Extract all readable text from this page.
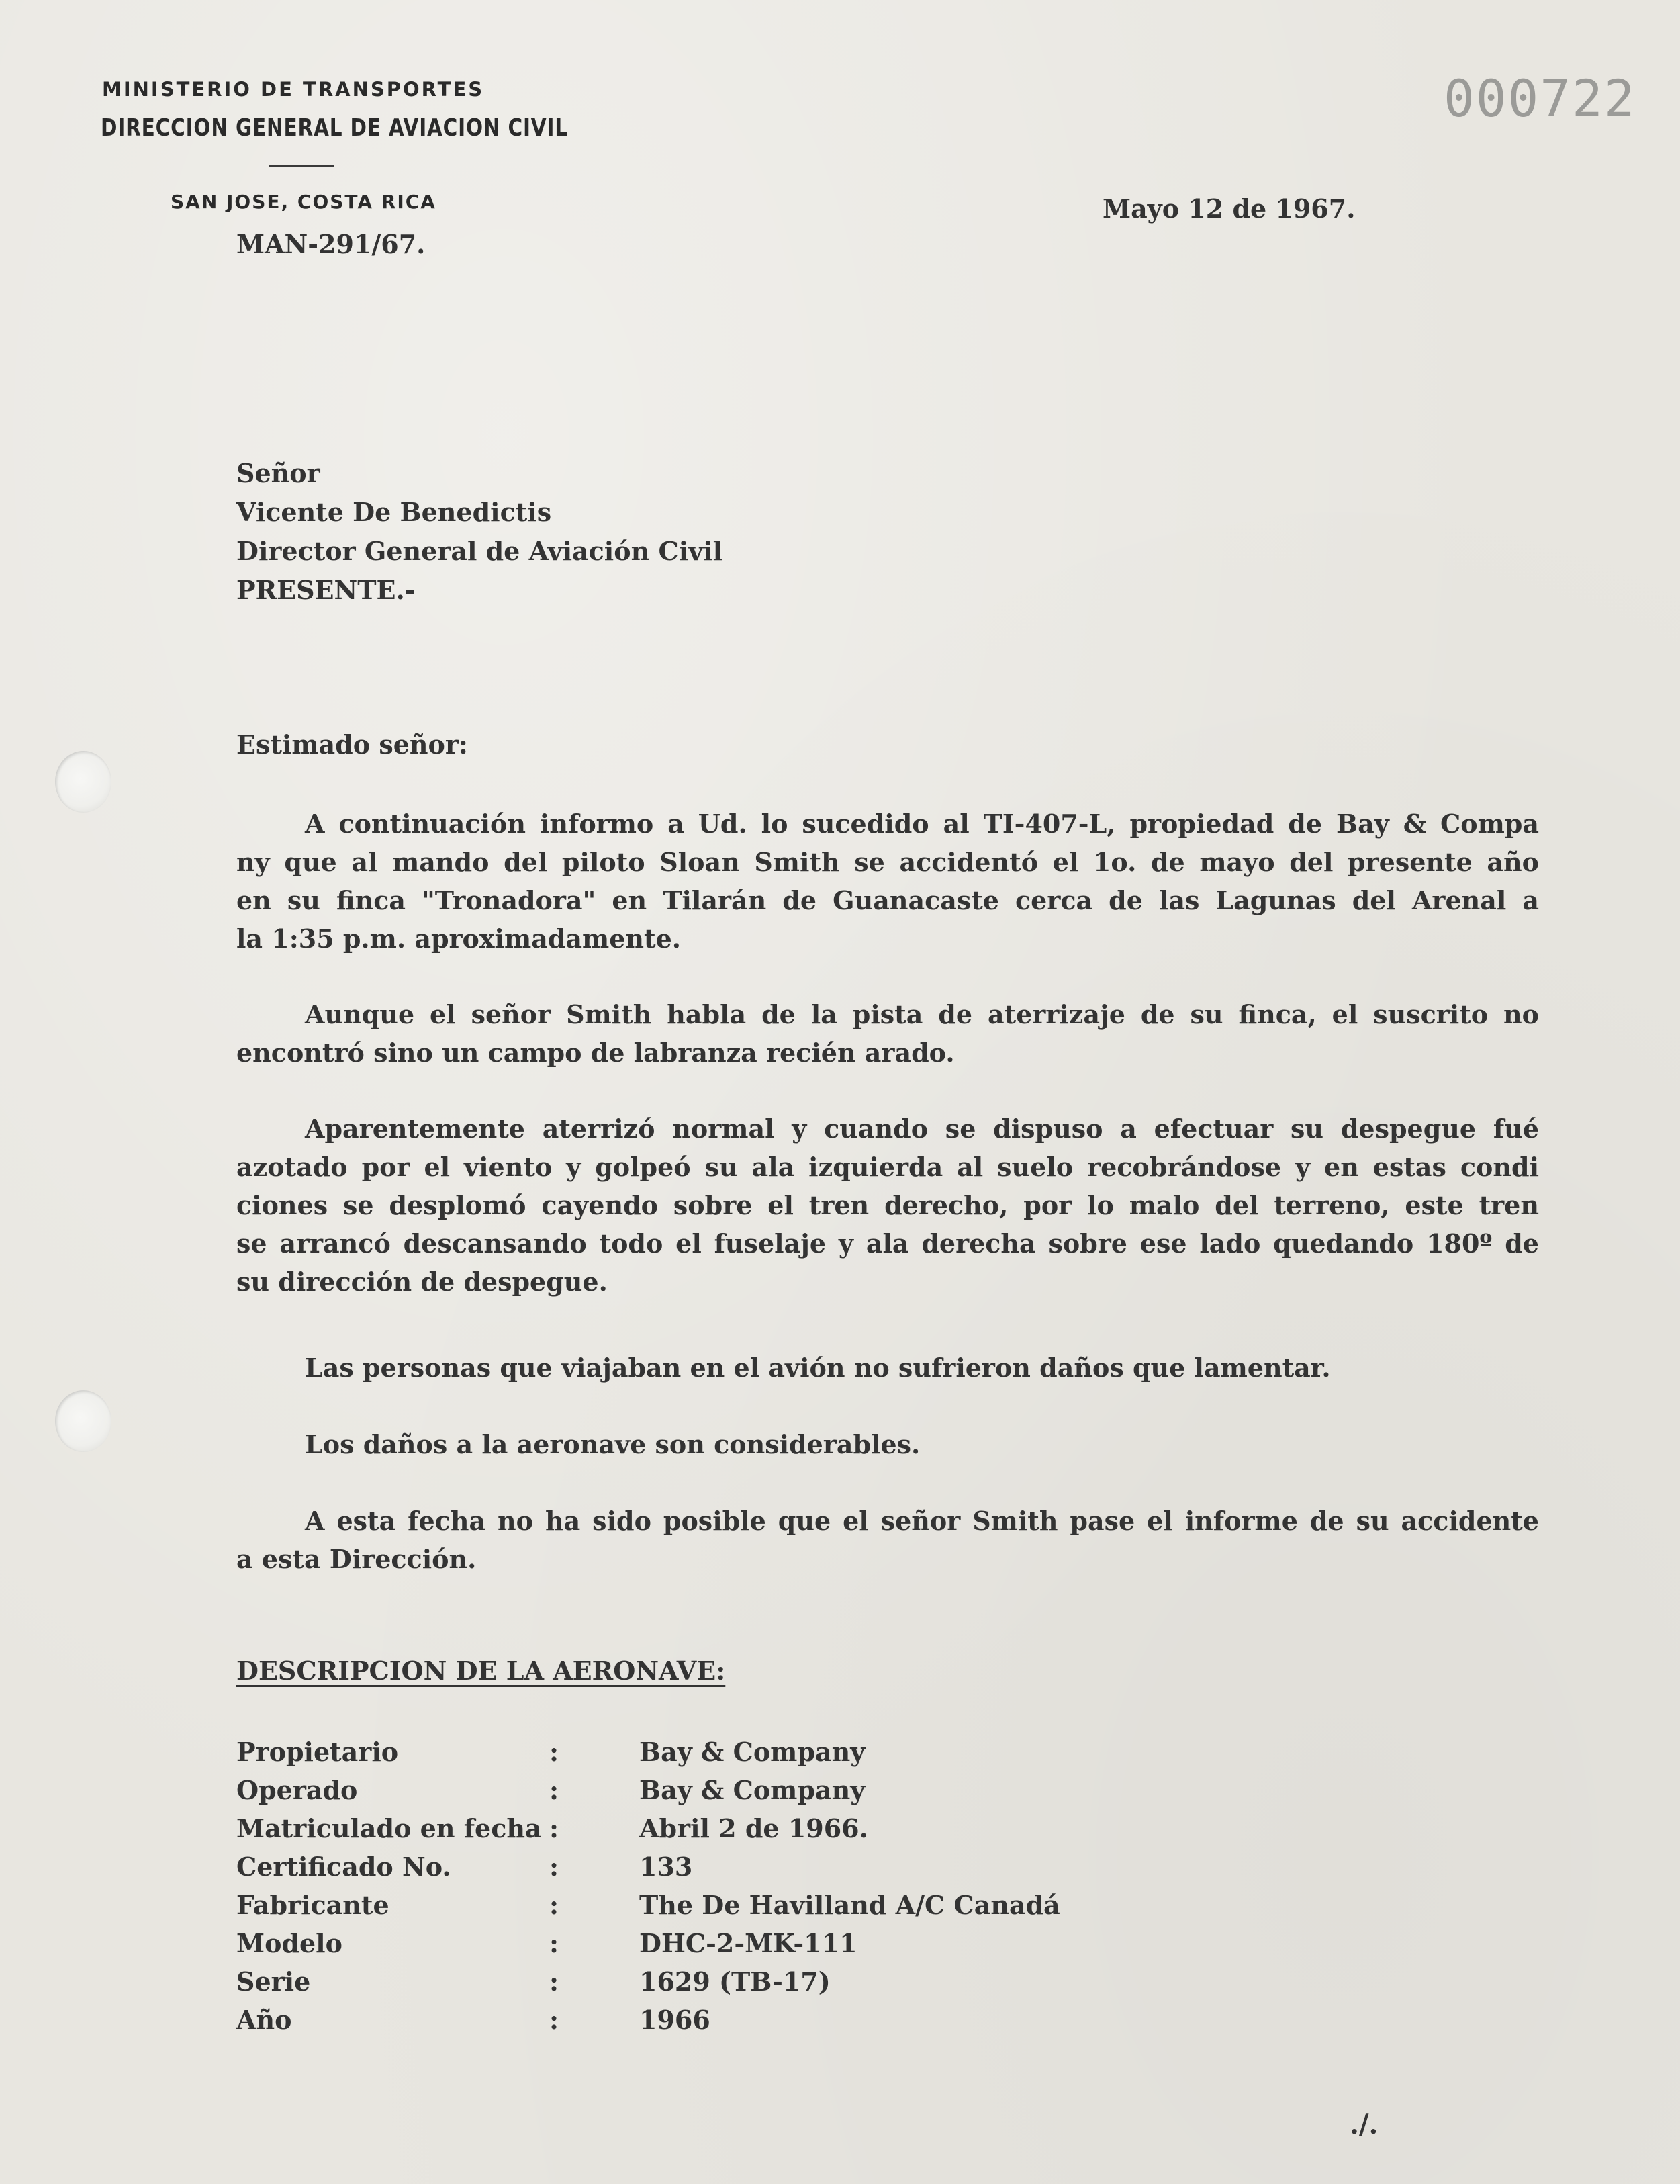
MINISTERIO DE TRANSPORTES
DIRECCION GENERAL DE AVIACION CIVIL
SAN JOSE, COSTA RICA
000722
MAN-291/67.
Mayo 12 de 1967.
Señor
Vicente De Benedictis
Director General de Aviación Civil
PRESENTE.-
Estimado señor:
A continuación informo a Ud. lo sucedido al TI-407-L, propiedad de Bay & Compa
ny que al mando del piloto Sloan Smith se accidentó el 1o. de mayo del presente año
en su finca "Tronadora" en Tilarán de Guanacaste cerca de las Lagunas del Arenal a
la 1:35 p.m. aproximadamente.
Aunque el señor Smith habla de la pista de aterrizaje de su finca, el suscrito no
encontró sino un campo de labranza recién arado.
Aparentemente aterrizó normal y cuando se dispuso a efectuar su despegue fué
azotado por el viento y golpeó su ala izquierda al suelo recobrándose y en estas condi
ciones se desplomó cayendo sobre el tren derecho, por lo malo del terreno, este tren
se arrancó descansando todo el fuselaje y ala derecha sobre ese lado quedando 180º de
su dirección de despegue.
Las personas que viajaban en el avión no sufrieron daños que lamentar.
Los daños a la aeronave son considerables.
A esta fecha no ha sido posible que el señor Smith pase el informe de su accidente
a esta Dirección.
DESCRIPCION DE LA AERONAVE:
Propietario	:	Bay & Company
Operado	:	Bay & Company
Matriculado en fecha :	Abril 2 de 1966.
Certificado No.	:	133
Fabricante	:	The De Havilland A/C Canadá
Modelo	:	DHC-2-MK-111
Serie	:	1629 (TB-17)
Año	:	1966
./.
